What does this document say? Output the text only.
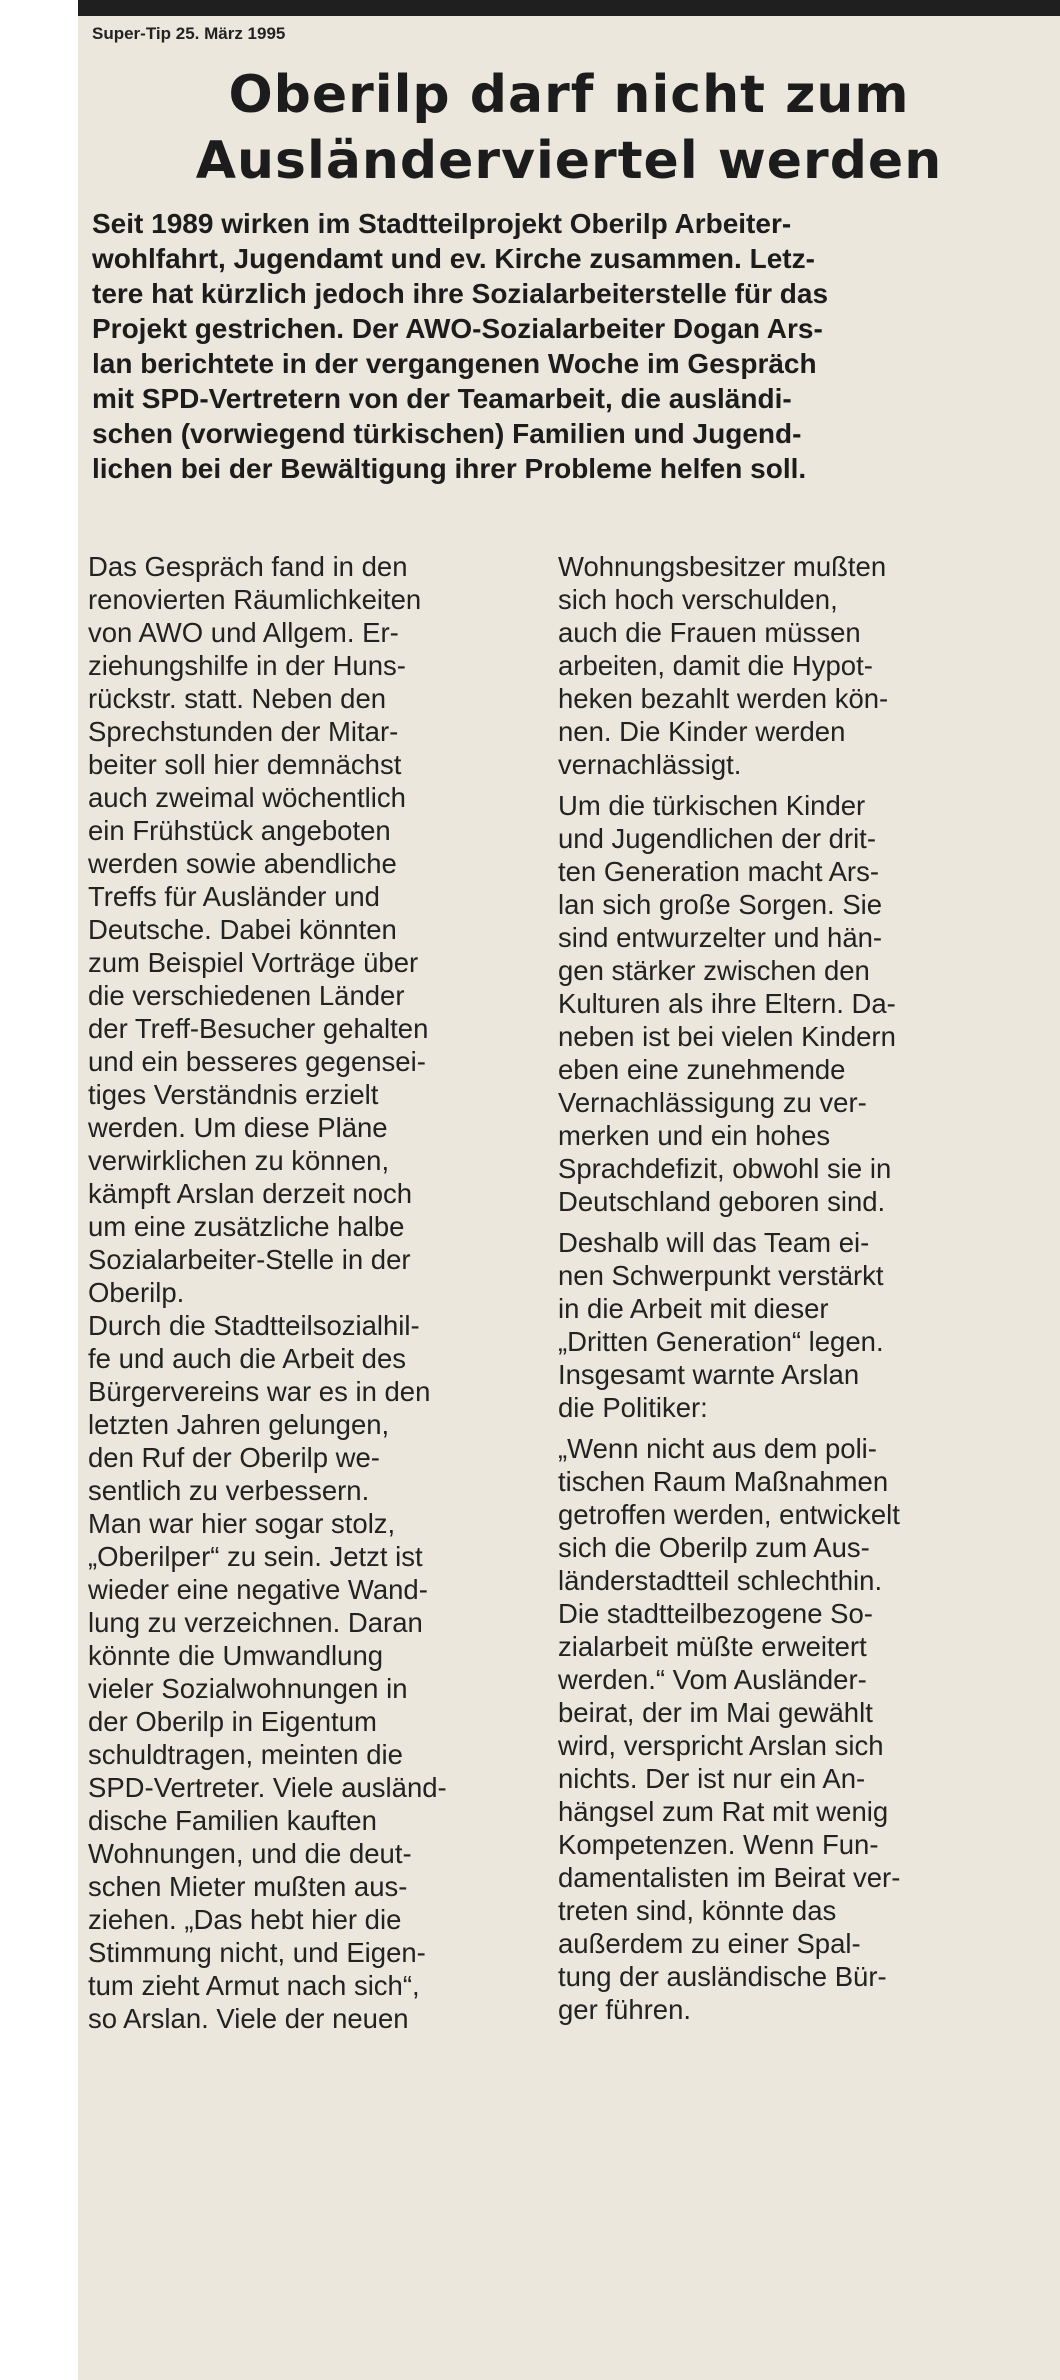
Super-Tip 25. März 1995
Oberilp darf nicht zum
Ausländerviertel werden
Seit 1989 wirken im Stadtteilprojekt Oberilp Arbeiter-
wohlfahrt, Jugendamt und ev. Kirche zusammen. Letz-
tere hat kürzlich jedoch ihre Sozialarbeiterstelle für das
Projekt gestrichen. Der AWO-Sozialarbeiter Dogan Ars-
lan berichtete in der vergangenen Woche im Gespräch
mit SPD-Vertretern von der Teamarbeit, die ausländi-
schen (vorwiegend türkischen) Familien und Jugend-
lichen bei der Bewältigung ihrer Probleme helfen soll.
Das Gespräch fand in den
renovierten Räumlichkeiten
von AWO und Allgem. Er-
ziehungshilfe in der Huns-
rückstr. statt. Neben den
Sprechstunden der Mitar-
beiter soll hier demnächst
auch zweimal wöchentlich
ein Frühstück angeboten
werden sowie abendliche
Treffs für Ausländer und
Deutsche. Dabei könnten
zum Beispiel Vorträge über
die verschiedenen Länder
der Treff-Besucher gehalten
und ein besseres gegensei-
tiges Verständnis erzielt
werden. Um diese Pläne
verwirklichen zu können,
kämpft Arslan derzeit noch
um eine zusätzliche halbe
Sozialarbeiter-Stelle in der
Oberilp.
Durch die Stadtteilsozialhil-
fe und auch die Arbeit des
Bürgervereins war es in den
letzten Jahren gelungen,
den Ruf der Oberilp we-
sentlich zu verbessern.
Man war hier sogar stolz,
„Oberilper“ zu sein. Jetzt ist
wieder eine negative Wand-
lung zu verzeichnen. Daran
könnte die Umwandlung
vieler Sozialwohnungen in
der Oberilp in Eigentum
schuldtragen, meinten die
SPD-Vertreter. Viele ausländ-
dische Familien kauften
Wohnungen, und die deut-
schen Mieter mußten aus-
ziehen. „Das hebt hier die
Stimmung nicht, und Eigen-
tum zieht Armut nach sich“,
so Arslan. Viele der neuen
Wohnungsbesitzer mußten
sich hoch verschulden,
auch die Frauen müssen
arbeiten, damit die Hypot-
heken bezahlt werden kön-
nen. Die Kinder werden
vernachlässigt.
Um die türkischen Kinder
und Jugendlichen der drit-
ten Generation macht Ars-
lan sich große Sorgen. Sie
sind entwurzelter und hän-
gen stärker zwischen den
Kulturen als ihre Eltern. Da-
neben ist bei vielen Kindern
eben eine zunehmende
Vernachlässigung zu ver-
merken und ein hohes
Sprachdefizit, obwohl sie in
Deutschland geboren sind.
Deshalb will das Team ei-
nen Schwerpunkt verstärkt
in die Arbeit mit dieser
„Dritten Generation“ legen.
Insgesamt warnte Arslan
die Politiker:
„Wenn nicht aus dem poli-
tischen Raum Maßnahmen
getroffen werden, entwickelt
sich die Oberilp zum Aus-
länderstadtteil schlechthin.
Die stadtteilbezogene So-
zialarbeit müßte erweitert
werden.“ Vom Ausländer-
beirat, der im Mai gewählt
wird, verspricht Arslan sich
nichts. Der ist nur ein An-
hängsel zum Rat mit wenig
Kompetenzen. Wenn Fun-
damentalisten im Beirat ver-
treten sind, könnte das
außerdem zu einer Spal-
tung der ausländische Bür-
ger führen.
